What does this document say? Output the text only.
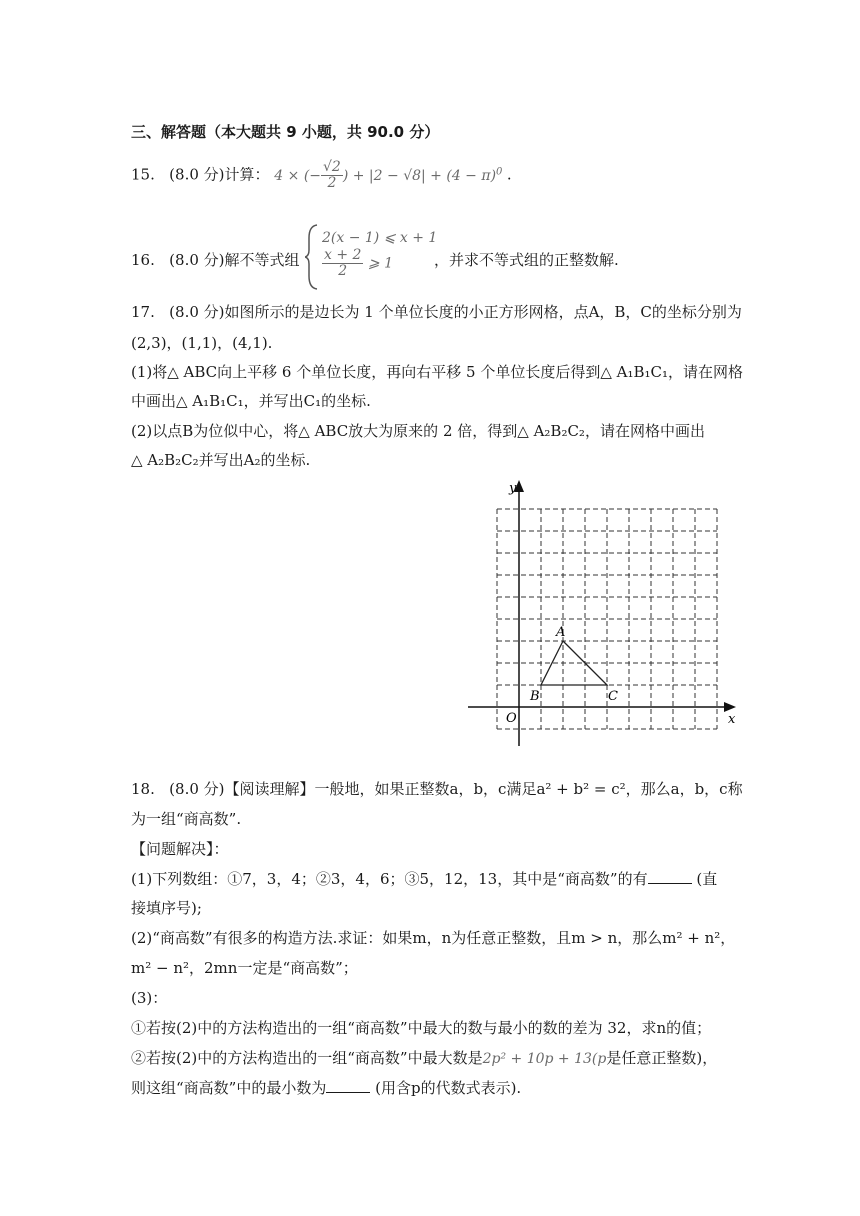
三、解答题（本大题共 9 小题，共 90.0 分）
15. (8.0 分)计算： 4 × (− $\frac{√2}{2}$ ) + $|2 - √8| + (4 - \pi)^0$ .
16. (8.0 分)解不等式组
2(x − 1) ⩽ x + 1
$\frac{x + 2}{2}$ ⩾ 1	，并求不等式组的正整数解.
17. (8.0 分)如图所示的是边长为 1 个单位长度的小正方形网格，点A，B，C的坐标分别为
(2,3)，(1,1)，(4,1).
(1)将△ ABC向上平移 6 个单位长度，再向右平移 5 个单位长度后得到△ A₁B₁C₁，请在网格
中画出△ A₁B₁C₁，并写出C₁的坐标.
(2)以点B为位似中心，将△ ABC放大为原来的 2 倍，得到△ A₂B₂C₂，请在网格中画出
△ A₂B₂C₂并写出A₂的坐标.
x
y
O
A
B	C
18. (8.0 分)【阅读理解】一般地，如果正整数a，b，c满足a² + b² = c²，那么a，b，c称
为一组“商高数”.
【问题解决】：
(1)下列数组：①7，3，4；②3，4，6；③5，12，13，其中是“商高数”的有	(直
接填序号);
(2)“商高数”有很多的构造方法.求证：如果m，n为任意正整数，且m > n，那么m² + n²，
m² − n²，2mn一定是“商高数”；
(3)：
①若按(2)中的方法构造出的一组“商高数”中最大的数与最小的数的差为 32，求n的值；
②若按(2)中的方法构造出的一组“商高数”中最大数是2p² + 10p + 13(p是任意正整数)，
则这组“商高数”中的最小数为	(用含p的代数式表示).
